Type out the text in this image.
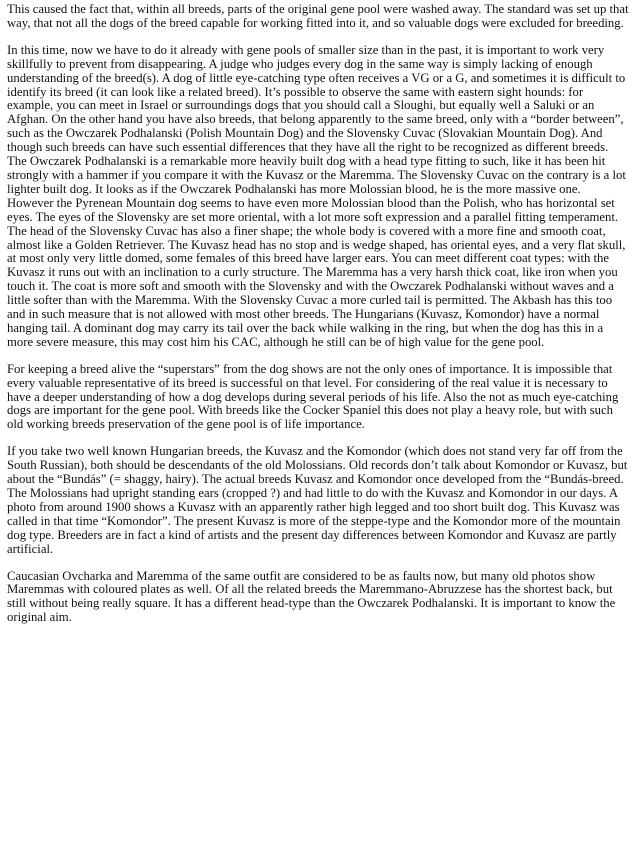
This caused the fact that, within all breeds, parts of the original gene pool were washed away. The standard was set up that way, that not all the dogs of the breed capable for working fitted into it, and so valuable dogs were excluded for breeding.

In this time, now we have to do it already with gene pools of smaller size than in the past, it is important to work very skillfully to prevent from disappearing. A judge who judges every dog in the same way is simply lacking of enough understanding of the breed(s). A dog of little eye-catching type often receives a VG or a G, and sometimes it is difficult to identify its breed (it can look like a related breed). It’s possible to observe the same with eastern sight hounds: for example, you can meet in Israel or surroundings dogs that you should call a Sloughi, but equally well a Saluki or an Afghan. On the other hand you have also breeds, that belong apparently to the same breed, only with a “border between”, such as the Owczarek Podhalanski (Polish Mountain Dog) and the Slovensky Cuvac (Slovakian Mountain Dog). And though such breeds can have such essential differences that they have all the right to be recognized as different breeds. The Owczarek Podhalanski is a remarkable more heavily built dog with a head type fitting to such, like it has been hit strongly with a hammer if you compare it with the Kuvasz or the Maremma. The Slovensky Cuvac on the contrary is a lot lighter built dog. It looks as if the Owczarek Podhalanski has more Molossian blood, he is the more massive one. However the Pyrenean Mountain dog seems to have even more Molossian blood than the Polish, who has horizontal set eyes. The eyes of the Slovensky are set more oriental, with a lot more soft expression and a parallel fitting temperament. The head of the Slovensky Cuvac has also a finer shape; the whole body is covered with a more fine and smooth coat, almost like a Golden Retriever. The Kuvasz head has no stop and is wedge shaped, has oriental eyes, and a very flat skull, at most only very little domed, some females of this breed have larger ears. You can meet different coat types: with the Kuvasz it runs out with an inclination to a curly structure. The Maremma has a very harsh thick coat, like iron when you touch it. The coat is more soft and smooth with the Slovensky and with the Owczarek Podhalanski without waves and a little softer than with the Maremma. With the Slovensky Cuvac a more curled tail is permitted. The Akbash has this too and in such measure that is not allowed with most other breeds. The Hungarians (Kuvasz, Komondor) have a normal hanging tail. A dominant dog may carry its tail over the back while walking in the ring, but when the dog has this in a more severe measure, this may cost him his CAC, although he still can be of high value for the gene pool.

For keeping a breed alive the “superstars” from the dog shows are not the only ones of importance. It is impossible that every valuable representative of its breed is successful on that level. For considering of the real value it is necessary to have a deeper understanding of how a dog develops during several periods of his life. Also the not as much eye-catching dogs are important for the gene pool. With breeds like the Cocker Spaniel this does not play a heavy role, but with such old working breeds preservation of the gene pool is of life importance.

If you take two well known Hungarian breeds, the Kuvasz and the Komondor (which does not stand very far off from the South Russian), both should be descendants of the old Molossians. Old records don’t talk about Komondor or Kuvasz, but about the “Bundás” (= shaggy, hairy). The actual breeds Kuvasz and Komondor once developed from the “Bundás-breed. The Molossians had upright standing ears (cropped ?) and had little to do with the Kuvasz and Komondor in our days. A photo from around 1900 shows a Kuvasz with an apparently rather high legged and too short built dog. This Kuvasz was called in that time “Komondor”. The present Kuvasz is more of the steppe-type and the Komondor more of the mountain dog type. Breeders are in fact a kind of artists and the present day differences between Komondor and Kuvasz are partly artificial.

Caucasian Ovcharka and Maremma of the same outfit are considered to be as faults now, but many old photos show Maremmas with coloured plates as well. Of all the related breeds the Maremmano-Abruzzese has the shortest back, but still without being really square. It has a different head-type than the Owczarek Podhalanski. It is important to know the original aim.
